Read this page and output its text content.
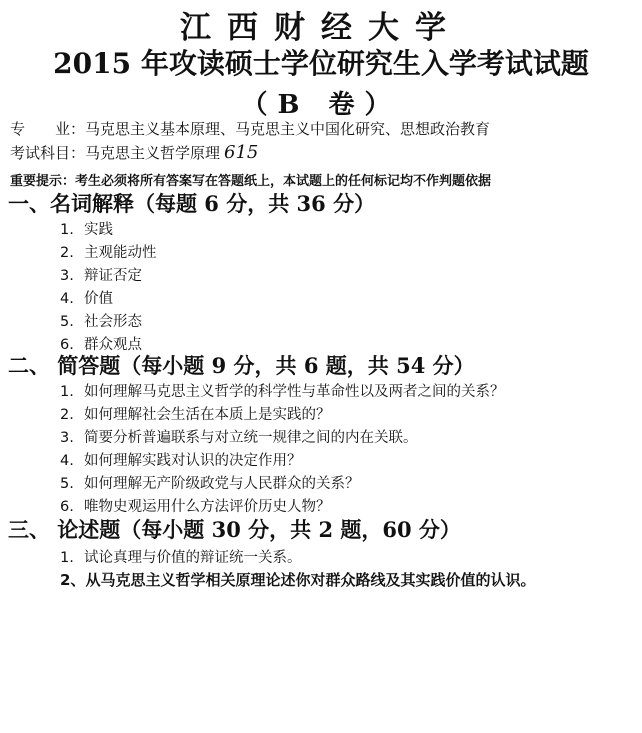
江西财经大学
2015 年攻读硕士学位研究生入学考试试题
（B 卷）
专　　业：马克思主义基本原理、马克思主义中国化研究、思想政治教育
考试科目：马克思主义哲学原理 615
重要提示：考生必须将所有答案写在答题纸上，本试题上的任何标记均不作判题依据
一、名词解释（每题 6 分，共 36 分）
1. 实践
2. 主观能动性
3. 辩证否定
4. 价值
5. 社会形态
6. 群众观点
二、 简答题（每小题 9 分，共 6 题，共 54 分）
1. 如何理解马克思主义哲学的科学性与革命性以及两者之间的关系？
2. 如何理解社会生活在本质上是实践的？
3. 简要分析普遍联系与对立统一规律之间的内在关联。
4. 如何理解实践对认识的决定作用？
5. 如何理解无产阶级政党与人民群众的关系？
6. 唯物史观运用什么方法评价历史人物？
三、 论述题（每小题 30 分，共 2 题，60 分）
1. 试论真理与价值的辩证统一关系。
2、从马克思主义哲学相关原理论述你对群众路线及其实践价值的认识。
